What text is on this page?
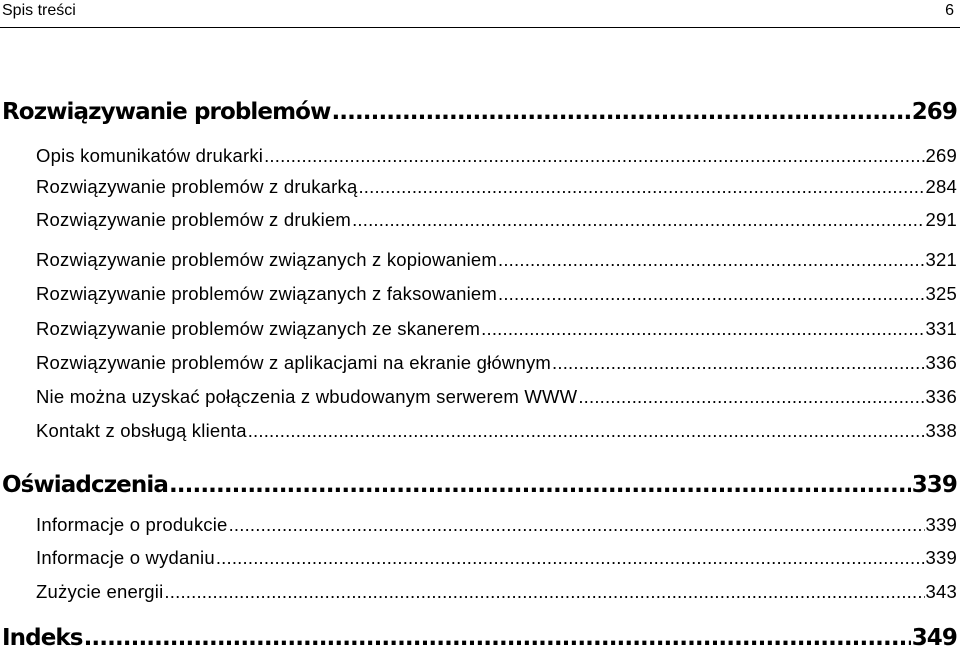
Spis treści	6
Rozwiązywanie problemów .....	269
Opis komunikatów drukarki .....	269
Rozwiązywanie problemów z drukarką .....	284
Rozwiązywanie problemów z drukiem .....	291
Rozwiązywanie problemów związanych z kopiowaniem .....	321
Rozwiązywanie problemów związanych z faksowaniem .....	325
Rozwiązywanie problemów związanych ze skanerem .....	331
Rozwiązywanie problemów z aplikacjami na ekranie głównym .....	336
Nie można uzyskać połączenia z wbudowanym serwerem WWW .....	336
Kontakt z obsługą klienta .....	338
Oświadczenia .....	339
Informacje o produkcie .....	339
Informacje o wydaniu .....	339
Zużycie energii .....	343
Indeks .....	349
